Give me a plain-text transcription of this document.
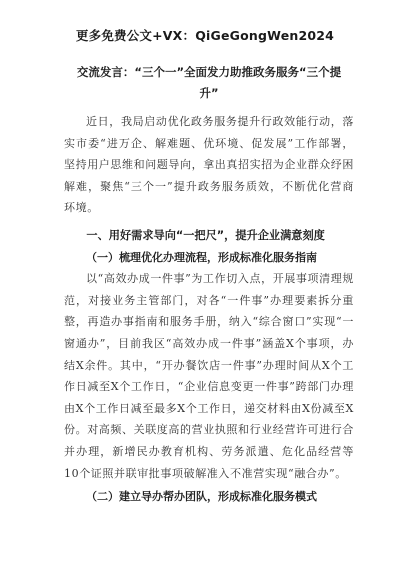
更多免费公文+VX：QiGeGongWen2024

交流发言：“三个一”全面发力助推政务服务“三个提升”

近日，我局启动优化政务服务提升行政效能行动，落实市委“进万企、解难题、优环境、促发展”工作部署，坚持用户思维和问题导向，拿出真招实招为企业群众纾困解难，聚焦“三个一”提升政务服务质效，不断优化营商环境。

一、用好需求导向“一把尺”，提升企业满意刻度

（一）梳理优化办理流程，形成标准化服务指南

以“高效办成一件事”为工作切入点，开展事项清理规范，对接业务主管部门，对各“一件事”办理要素拆分重整，再造办事指南和服务手册，纳入“综合窗口”实现“一窗通办”，目前我区“高效办成一件事”涵盖X个事项，办结X余件。其中，“开办餐饮店一件事”办理时间从X个工作日减至X个工作日，“企业信息变更一件事”跨部门办理由X个工作日减至最多X个工作日，递交材料由X份减至X份。对高频、关联度高的营业执照和行业经营许可进行合并办理，新增民办教育机构、劳务派遣、危化品经营等10个证照并联审批事项破解准入不准营实现“融合办”。

（二）建立导办帮办团队，形成标准化服务模式
